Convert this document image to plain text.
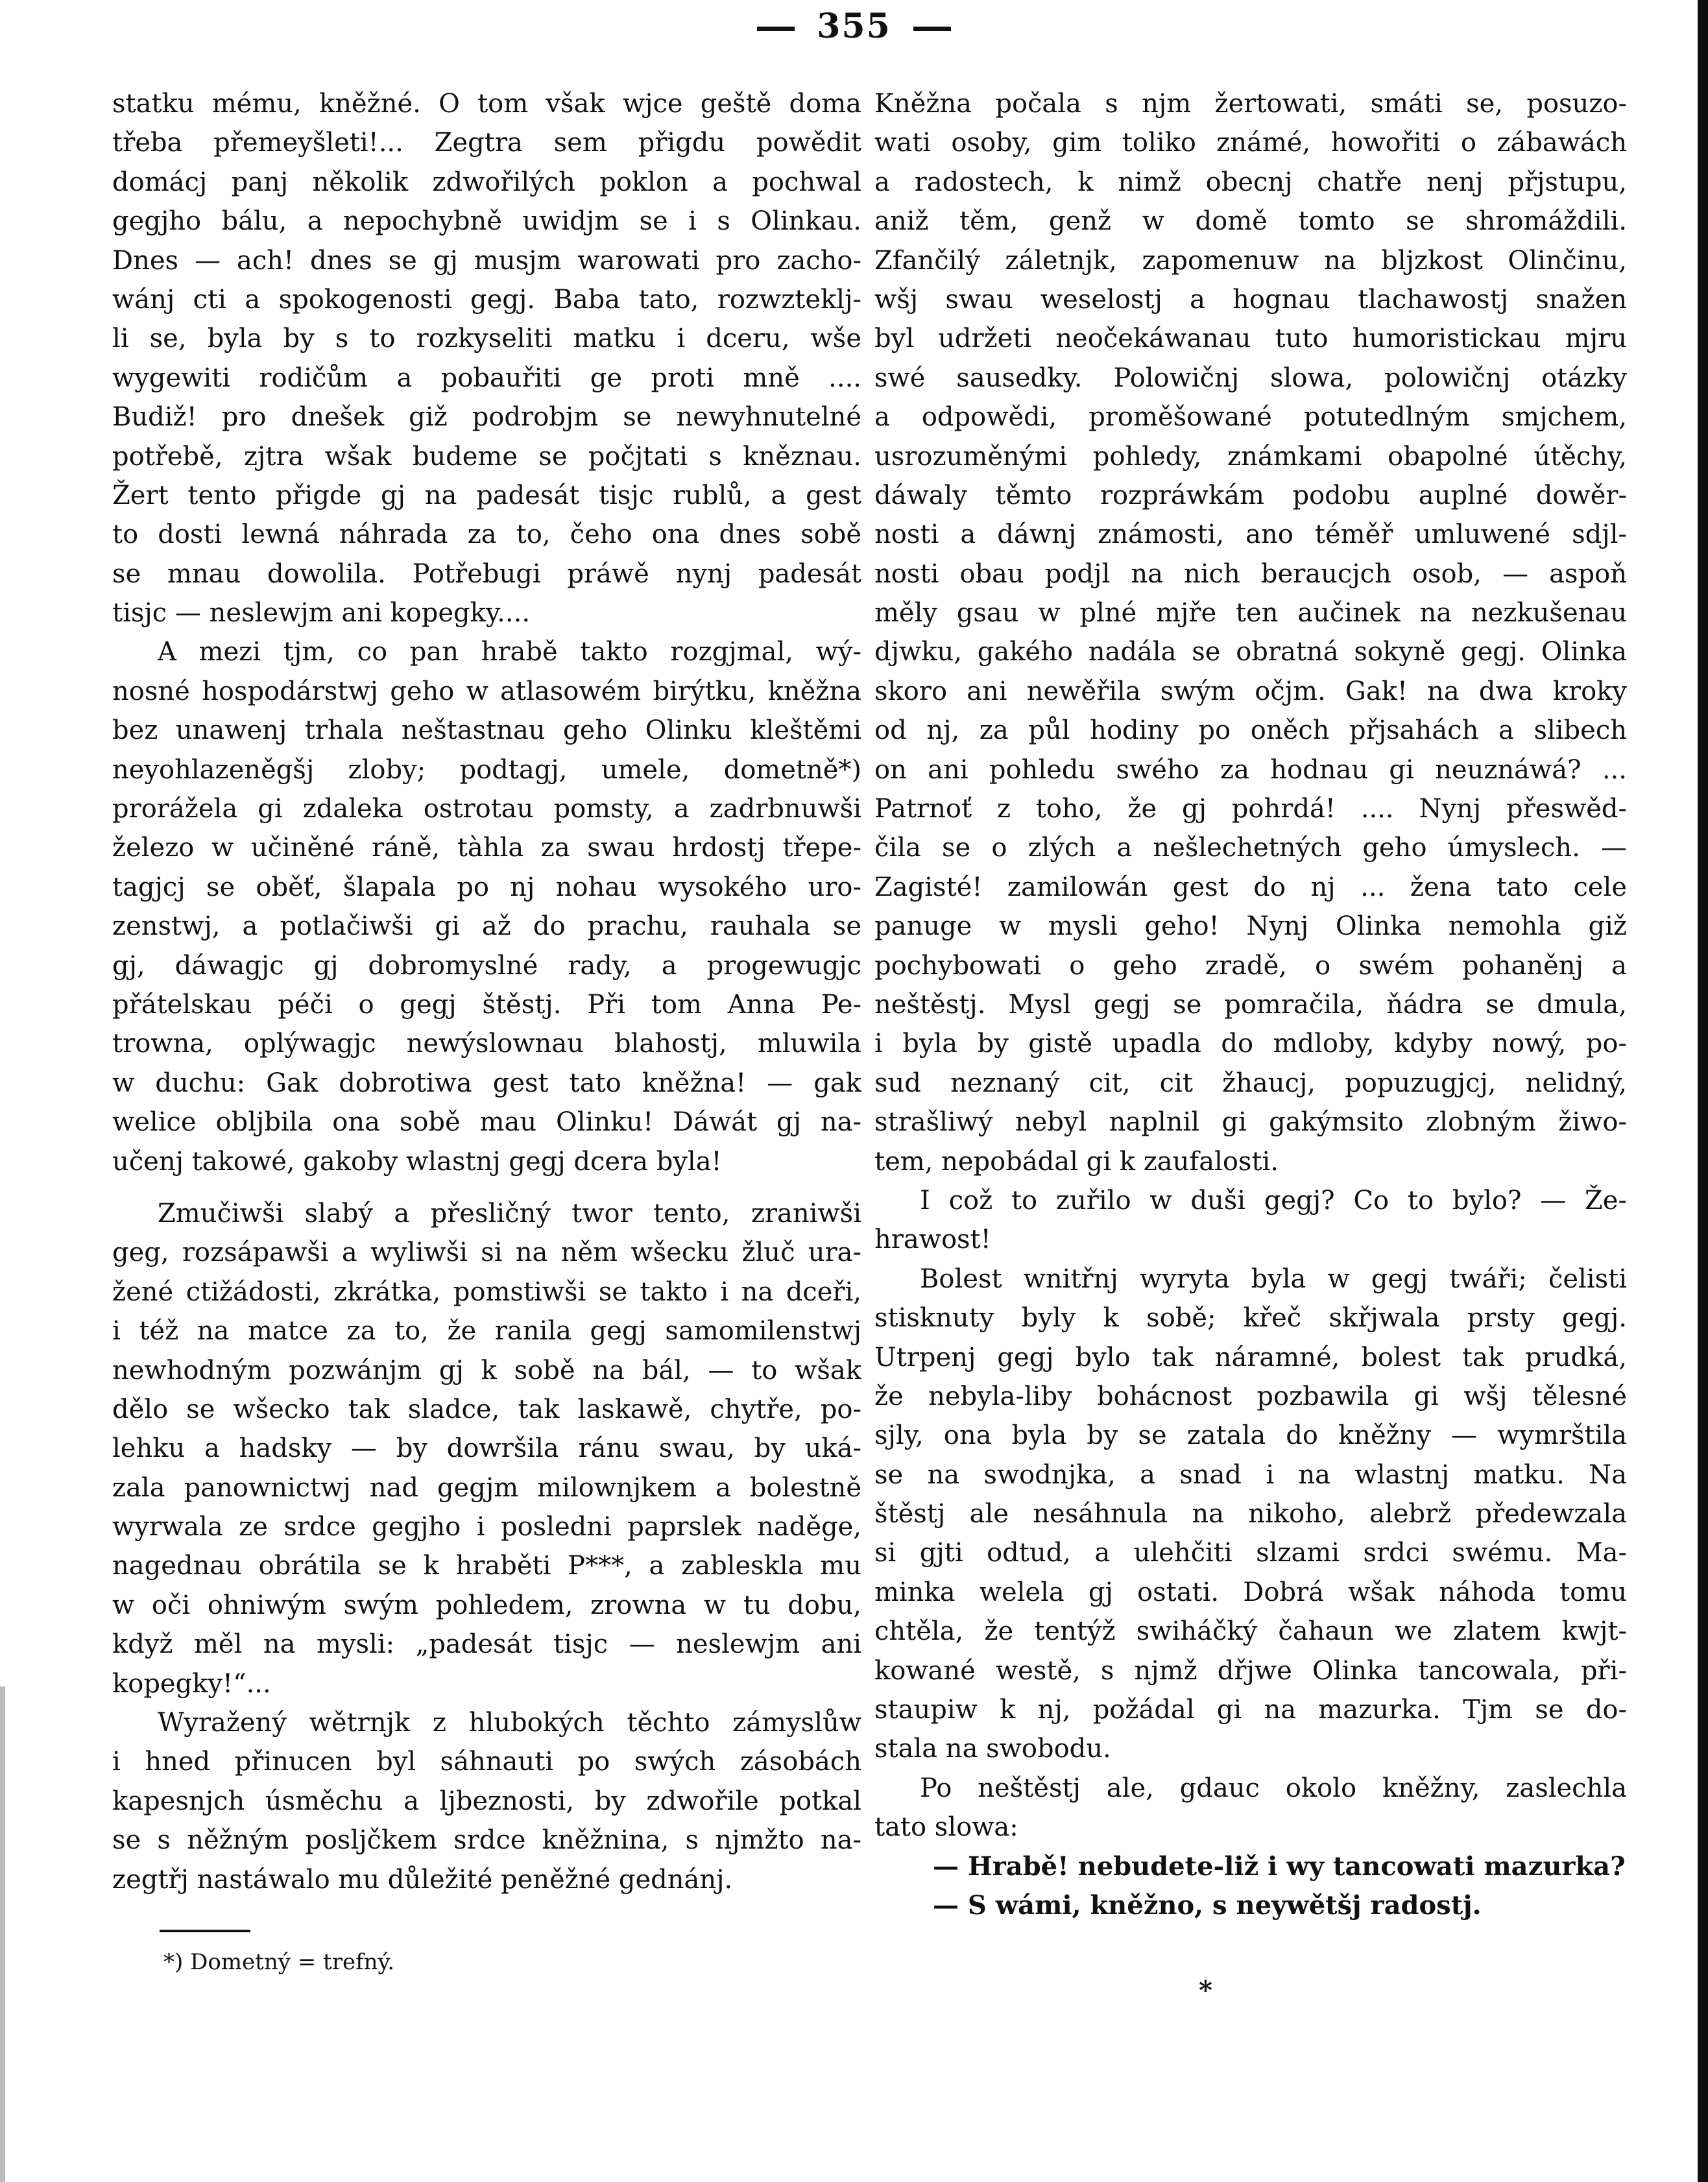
355
statku mému, kněžné. O tom však wjce geště doma
třeba přemeyšleti!... Zegtra sem přigdu powědit
domácj panj několik zdwořilých poklon a pochwal
gegjho bálu, a nepochybně uwidjm se i s Olinkau.
Dnes — ach! dnes se gj musjm warowati pro zacho-
wánj cti a spokogenosti gegj. Baba tato, rozwzteklj-
li se, byla by s to rozkyseliti matku i dceru, wše
wygewiti rodičům a pobauřiti ge proti mně ....
Budiž! pro dnešek giž podrobjm se newyhnutelné
potřebě, zjtra wšak budeme se počjtati s kněznau.
Žert tento přigde gj na padesát tisjc rublů, a gest
to dosti lewná náhrada za to, čeho ona dnes sobě
se mnau dowolila. Potřebugi práwě nynj padesát
tisjc — neslewjm ani kopegky....
A mezi tjm, co pan hrabě takto rozgjmal, wý-
nosné hospodárstwj geho w atlasowém birýtku, kněžna
bez unawenj trhala neštastnau geho Olinku kleštěmi
neyohlazeněgšj zloby; podtagj, umele, dometně*)
prorážela gi zdaleka ostrotau pomsty, a zadrbnuwši
železo w učiněné ráně, tàhla za swau hrdostj třepe-
tagjcj se oběť, šlapala po nj nohau wysokého uro-
zenstwj, a potlačiwši gi až do prachu, rauhala se
gj, dáwagjc gj dobromyslné rady, a progewugjc
přátelskau péči o gegj štěstj. Při tom Anna Pe-
trowna, oplýwagjc newýslownau blahostj, mluwila
w duchu: Gak dobrotiwa gest tato kněžna! — gak
welice obljbila ona sobě mau Olinku! Dáwát gj na-
učenj takowé, gakoby wlastnj gegj dcera byla!
Zmučiwši slabý a přesličný twor tento, zraniwši
geg, rozsápawši a wyliwši si na něm wšecku žluč ura-
žené ctižádosti, zkrátka, pomstiwši se takto i na dceři,
i též na matce za to, že ranila gegj samomilenstwj
newhodným pozwánjm gj k sobě na bál, — to wšak
dělo se wšecko tak sladce, tak laskawě, chytře, po-
lehku a hadsky — by dowršila ránu swau, by uká-
zala panownictwj nad gegjm milownjkem a bolestně
wyrwala ze srdce gegjho i posledni paprslek naděge,
nagednau obrátila se k hraběti P***, a zableskla mu
w oči ohniwým swým pohledem, zrowna w tu dobu,
když měl na mysli: „padesát tisjc — neslewjm ani
kopegky!“...
Wyražený wětrnjk z hlubokých těchto zámyslůw
i hned přinucen byl sáhnauti po swých zásobách
kapesnjch úsměchu a ljbeznosti, by zdwořile potkal
se s něžným posljčkem srdce kněžnina, s njmžto na-
zegtřj nastáwalo mu důležité peněžné gednánj.
Kněžna počala s njm žertowati, smáti se, posuzo-
wati osoby, gim toliko známé, howořiti o zábawách
a radostech, k nimž obecnj chatře nenj přjstupu,
aniž těm, genž w domě tomto se shromáždili.
Zfančilý záletnjk, zapomenuw na bljzkost Olinčinu,
wšj swau weselostj a hognau tlachawostj snažen
byl udržeti neočekáwanau tuto humoristickau mjru
swé sausedky. Polowičnj slowa, polowičnj otázky
a odpowědi, proměšowané potutedlným smjchem,
usrozuměnými pohledy, známkami obapolné útěchy,
dáwaly těmto rozpráwkám podobu auplné dowěr-
nosti a dáwnj známosti, ano téměř umluwené sdjl-
nosti obau podjl na nich beraucjch osob, — aspoň
měly gsau w plné mjře ten aučinek na nezkušenau
djwku, gakého nadála se obratná sokyně gegj. Olinka
skoro ani newěřila swým očjm. Gak! na dwa kroky
od nj, za půl hodiny po oněch přjsahách a slibech
on ani pohledu swého za hodnau gi neuznáwá? ...
Patrnoť z toho, že gj pohrdá! .... Nynj přeswěd-
čila se o zlých a nešlechetných geho úmyslech. —
Zagisté! zamilowán gest do nj ... žena tato cele
panuge w mysli geho! Nynj Olinka nemohla giž
pochybowati o geho zradě, o swém pohaněnj a
neštěstj. Mysl gegj se pomračila, ňádra se dmula,
i byla by gistě upadla do mdloby, kdyby nowý, po-
sud neznaný cit, cit žhaucj, popuzugjcj, nelidný,
strašliwý nebyl naplnil gi gakýmsito zlobným žiwo-
tem, nepobádal gi k zaufalosti.
I což to zuřilo w duši gegj? Co to bylo? — Že-
hrawost!
Bolest wnitřnj wyryta byla w gegj twáři; čelisti
stisknuty byly k sobě; křeč skřjwala prsty gegj.
Utrpenj gegj bylo tak náramné, bolest tak prudká,
že nebyla-liby bohácnost pozbawila gi wšj tělesné
sjly, ona byla by se zatala do kněžny — wymrštila
se na swodnjka, a snad i na wlastnj matku. Na
štěstj ale nesáhnula na nikoho, alebrž předewzala
si gjti odtud, a ulehčiti slzami srdci swému. Ma-
minka welela gj ostati. Dobrá wšak náhoda tomu
chtěla, že tentýž swiháčký čahaun we zlatem kwjt-
kowané westě, s njmž dřjwe Olinka tancowala, při-
staupiw k nj, požádal gi na mazurka. Tjm se do-
stala na swobodu.
Po neštěstj ale, gdauc okolo kněžny, zaslechla
tato slowa:
— Hrabě! nebudete-liž i wy tancowati mazurka?
— S wámi, kněžno, s neywětšj radostj.
*) Dometný = trefný.
*
